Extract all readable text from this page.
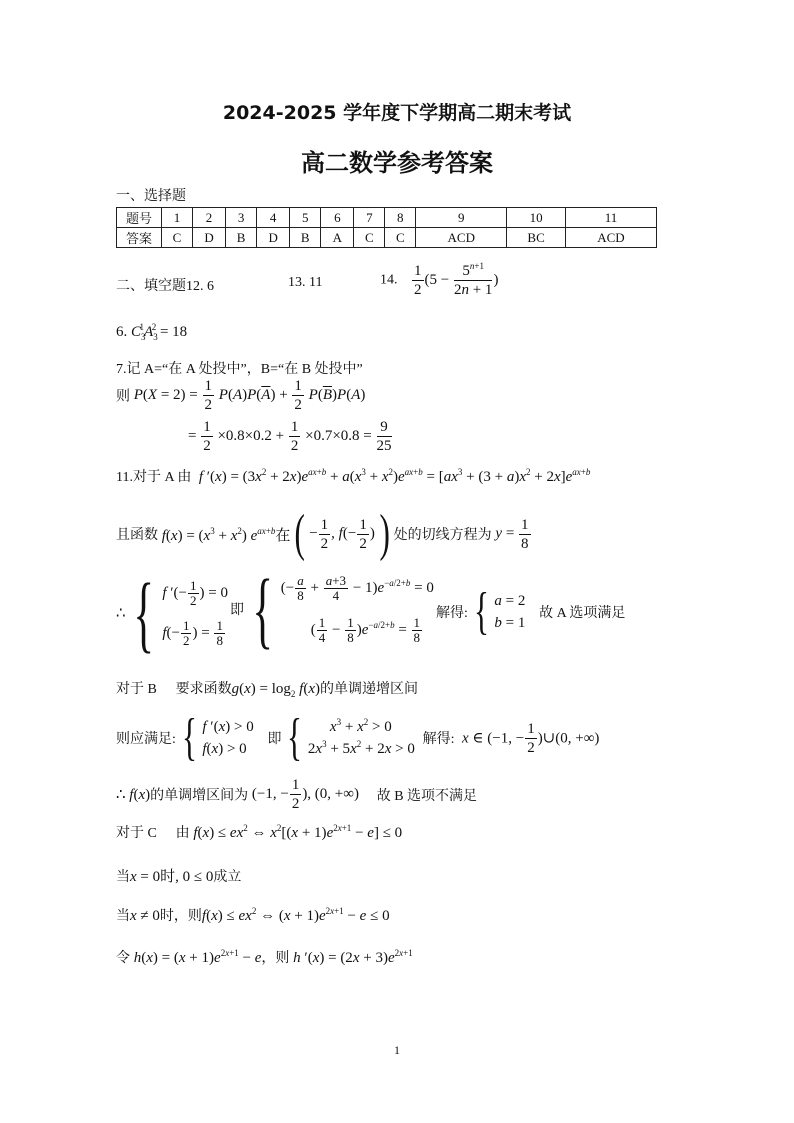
2024-2025 学年度下学期高二期末考试
高二数学参考答案
一、选择题
题号	1	2	3	4	5	6	7	8	9	10	11
答案	C	D	B	D	B	A	C	C	ACD	BC	ACD
二、填空题12. 6	13. 11	14. $\frac{1}{2} (5 - \frac{5^{n+1}}{2n + 1}$ )
6. $C_3^1A_3^2 = 18$
7.记 A=“在 A 处投中”，B=“在 B 处投中”
则 $P(X = 2) = \frac{1}{2} P(A)P(\overline{A}) + \frac{1}{2} P(\overline{B})P(A)$
= $\frac{1}{2} \times 0.8\times 0.2 + \frac{1}{2} \times 0.7\times 0.8 = \frac{9}{25}$
11.对于 A 由 f $'(x) = (3x^2 + 2x)e^{ax+b} + a(x^3 + x^2)e^{ax+b} = [ax^3 + (3 + a)x^2 + 2x]e^{ax+b}$
且函数 $f(x) = (x^3 + x^2)$ $e^{ax+b}$在 ( − $\frac{1}{2}$ , $f(- \frac{1}{2}$ ) ) 处的切线方程为 $y = \frac{1}{8}$
∴ { f ′(− $\frac{1}{2}$ ) = 0
$f(- \frac{1}{2}$ ) = $\frac{1}{8}$
即 { (− $\frac{a}{8} + \frac{a+3}{4} - 1)e^{-a/2+b} = 0$
( $\frac{1}{4} - \frac{1}{8} )e^{-a/2+b} = \frac{1}{8}$
解得: { a = 2
b = 1
故 A 选项满足
对于 B 要求函数$g(x) = \log_2 f(x)$的单调递增区间
则应满足: { f ′(x) > 0
f(x) > 0
即 {	$x^3 + x^2 > 0$
$2x^3 + 5x^2 + 2x > 0$
解得: x ∈ (−1, − $\frac{1}{2}$ )∪(0, +∞)
∴ f(x)的单调增区间为 (−1, − $\frac{1}{2}$ ), (0, +∞) 故 B 选项不满足
对于 C 由 $f(x) \le ex^2$ ⇔ $x^2[(x + 1)e^{2x+1} - e] \le 0$
当x = 0时, 0 ≤ 0成立
当x ≠ 0时，则$f(x) \le ex^2$ ⇔ $(x + 1)e^{2x+1} - e \le 0$
令 $h(x) = (x + 1)e^{2x+1} - e$，则 h $'(x) = (2x + 3)e^{2x+1}$
1
